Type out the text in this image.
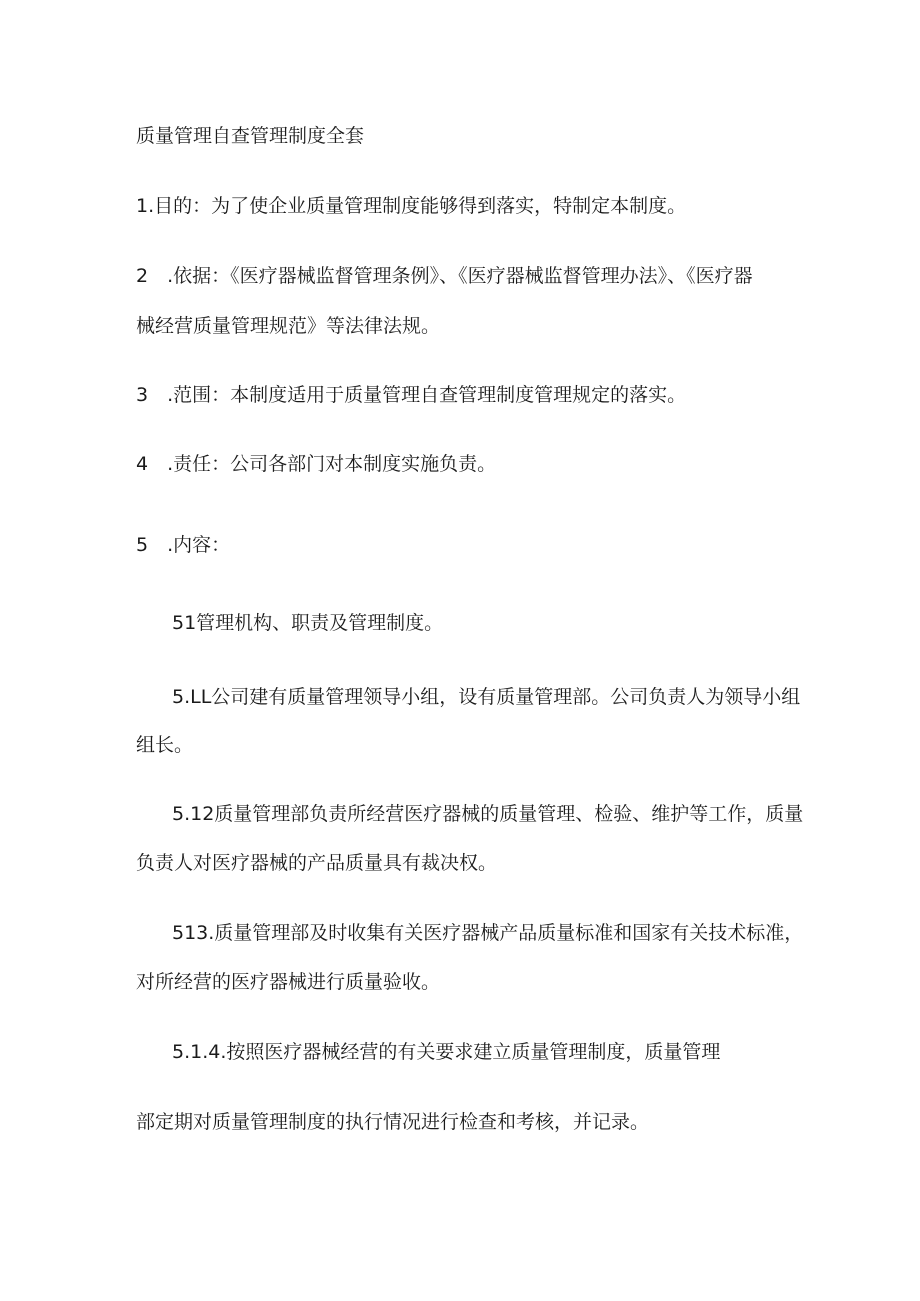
质量管理自查管理制度全套
1.目的：为了使企业质量管理制度能够得到落实，特制定本制度。
2　.依据：《医疗器械监督管理条例》、《医疗器械监督管理办法》、《医疗器
械经营质量管理规范》等法律法规。
3　.范围：本制度适用于质量管理自查管理制度管理规定的落实。
4　.责任：公司各部门对本制度实施负责。
5　.内容：
51管理机构、职责及管理制度。
5.LL公司建有质量管理领导小组，设有质量管理部。公司负责人为领导小组
组长。
5.12质量管理部负责所经营医疗器械的质量管理、检验、维护等工作，质量
负责人对医疗器械的产品质量具有裁决权。
513.质量管理部及时收集有关医疗器械产品质量标准和国家有关技术标准，
对所经营的医疗器械进行质量验收。
5.1.4.按照医疗器械经营的有关要求建立质量管理制度，质量管理
部定期对质量管理制度的执行情况进行检查和考核，并记录。
